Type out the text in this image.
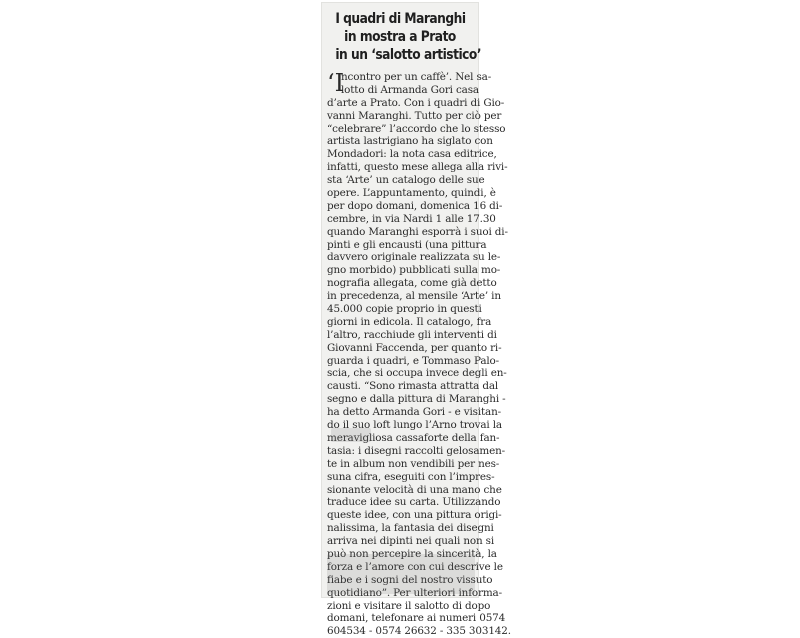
I quadri di Maranghi
in mostra a Prato
in un ‘salotto artistico’
‘I
ncontro per un caffè’. Nel sa-
lotto di Armanda Gori casa
d’arte a Prato. Con i quadri di Gio-
vanni Maranghi. Tutto per ciò per
“celebrare” l’accordo che lo stesso
artista lastrigiano ha siglato con
Mondadori: la nota casa editrice,
infatti, questo mese allega alla rivi-
sta ‘Arte’ un catalogo delle sue
opere. L’appuntamento, quindi, è
per dopo domani, domenica 16 di-
cembre, in via Nardi 1 alle 17.30
quando Maranghi esporrà i suoi di-
pinti e gli encausti (una pittura
davvero originale realizzata su le-
gno morbido) pubblicati sulla mo-
nografia allegata, come già detto
in precedenza, al mensile ‘Arte’ in
45.000 copie proprio in questi
giorni in edicola. Il catalogo, fra
l’altro, racchiude gli interventi di
Giovanni Faccenda, per quanto ri-
guarda i quadri, e Tommaso Palo-
scia, che si occupa invece degli en-
causti. “Sono rimasta attratta dal
segno e dalla pittura di Maranghi -
ha detto Armanda Gori - e visitan-
do il suo loft lungo l’Arno trovai la
meravigliosa cassaforte della fan-
tasia: i disegni raccolti gelosamen-
te in album non vendibili per nes-
suna cifra, eseguiti con l’impres-
sionante velocità di una mano che
traduce idee su carta. Utilizzando
queste idee, con una pittura origi-
nalissima, la fantasia dei disegni
arriva nei dipinti nei quali non si
può non percepire la sincerità, la
forza e l’amore con cui descrive le
fiabe e i sogni del nostro vissuto
quotidiano”. Per ulteriori informa-
zioni e visitare il salotto di dopo
domani, telefonare ai numeri 0574
604534 - 0574 26632 - 335 303142.
